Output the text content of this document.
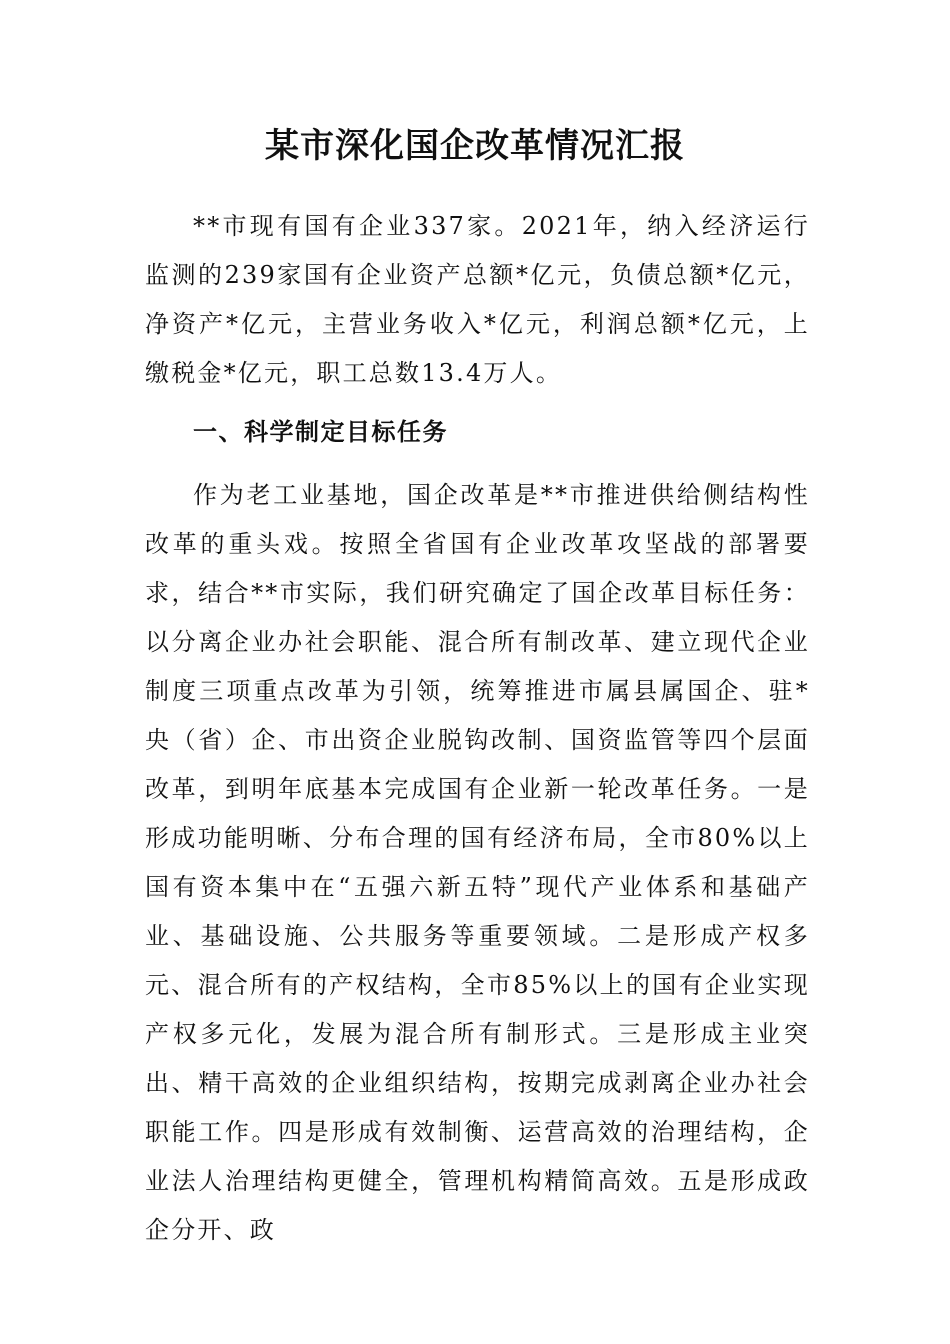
某市深化国企改革情况汇报

**市现有国有企业337家。2021年，纳入经济运行监测的239家国有企业资产总额*亿元，负债总额*亿元，净资产*亿元，主营业务收入*亿元，利润总额*亿元，上缴税金*亿元，职工总数13.4万人。

一、科学制定目标任务

作为老工业基地，国企改革是**市推进供给侧结构性改革的重头戏。按照全省国有企业改革攻坚战的部署要求，结合**市实际，我们研究确定了国企改革目标任务：以分离企业办社会职能、混合所有制改革、建立现代企业制度三项重点改革为引领，统筹推进市属县属国企、驻*央（省）企、市出资企业脱钩改制、国资监管等四个层面改革，到明年底基本完成国有企业新一轮改革任务。一是形成功能明晰、分布合理的国有经济布局，全市80%以上国有资本集中在“五强六新五特”现代产业体系和基础产业、基础设施、公共服务等重要领域。二是形成产权多元、混合所有的产权结构，全市85%以上的国有企业实现产权多元化，发展为混合所有制形式。三是形成主业突出、精干高效的企业组织结构，按期完成剥离企业办社会职能工作。四是形成有效制衡、运营高效的治理结构，企业法人治理结构更健全，管理机构精简高效。五是形成政企分开、政
